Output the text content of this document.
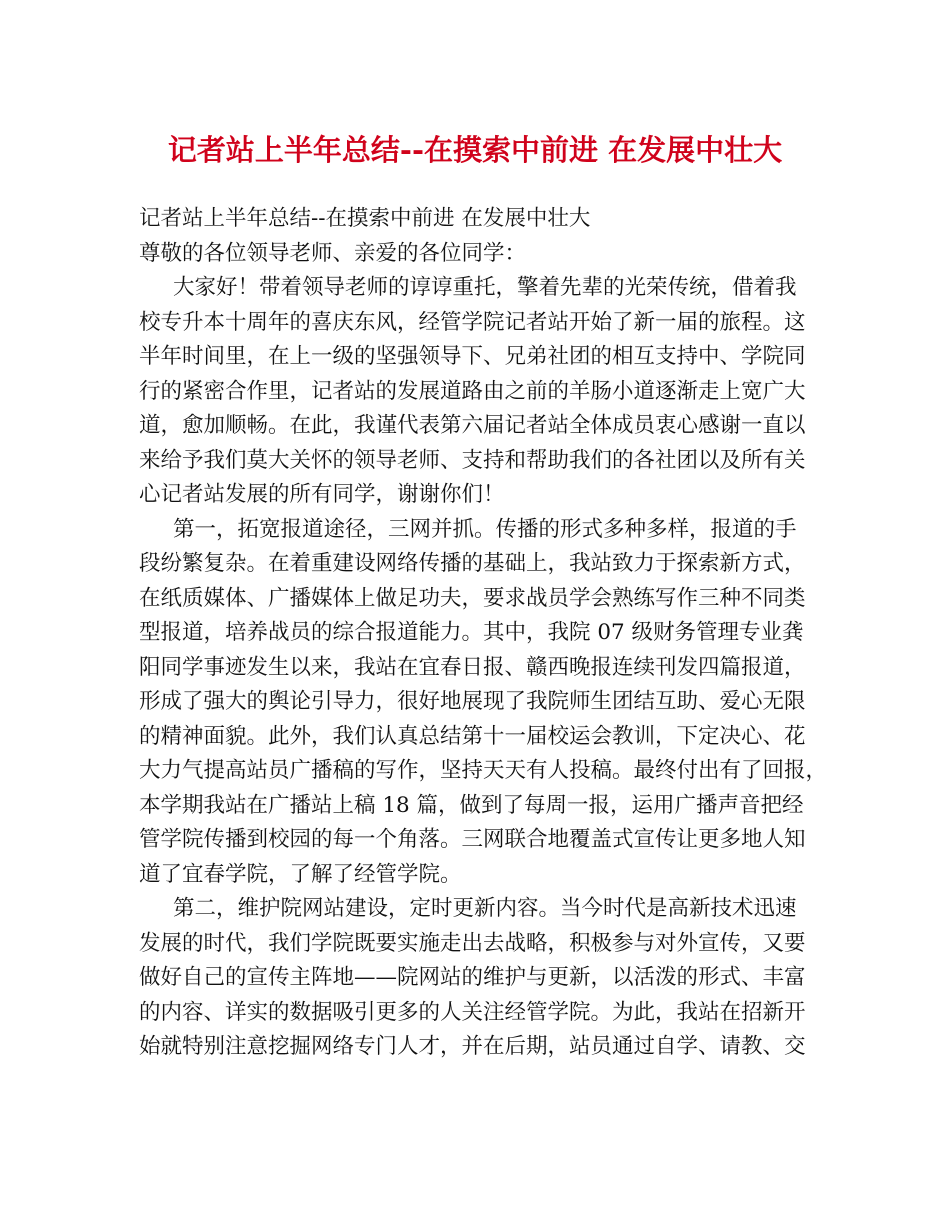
记者站上半年总结--在摸索中前进 在发展中壮大
记者站上半年总结--在摸索中前进 在发展中壮大
尊敬的各位领导老师、亲爱的各位同学：
大家好！带着领导老师的谆谆重托，擎着先辈的光荣传统，借着我
校专升本十周年的喜庆东风，经管学院记者站开始了新一届的旅程。这
半年时间里，在上一级的坚强领导下、兄弟社团的相互支持中、学院同
行的紧密合作里，记者站的发展道路由之前的羊肠小道逐渐走上宽广大
道，愈加顺畅。在此，我谨代表第六届记者站全体成员衷心感谢一直以
来给予我们莫大关怀的领导老师、支持和帮助我们的各社团以及所有关
心记者站发展的所有同学，谢谢你们！
第一，拓宽报道途径，三网并抓。传播的形式多种多样，报道的手
段纷繁复杂。在着重建设网络传播的基础上，我站致力于探索新方式，
在纸质媒体、广播媒体上做足功夫，要求战员学会熟练写作三种不同类
型报道，培养战员的综合报道能力。其中，我院 07 级财务管理专业龚
阳同学事迹发生以来，我站在宜春日报、赣西晚报连续刊发四篇报道，
形成了强大的舆论引导力，很好地展现了我院师生团结互助、爱心无限
的精神面貌。此外，我们认真总结第十一届校运会教训，下定决心、花
大力气提高站员广播稿的写作，坚持天天有人投稿。最终付出有了回报，
本学期我站在广播站上稿 18 篇，做到了每周一报，运用广播声音把经
管学院传播到校园的每一个角落。三网联合地覆盖式宣传让更多地人知
道了宜春学院，了解了经管学院。
第二，维护院网站建设，定时更新内容。当今时代是高新技术迅速
发展的时代，我们学院既要实施走出去战略，积极参与对外宣传，又要
做好自己的宣传主阵地——院网站的维护与更新，以活泼的形式、丰富
的内容、详实的数据吸引更多的人关注经管学院。为此，我站在招新开
始就特别注意挖掘网络专门人才，并在后期，站员通过自学、请教、交
